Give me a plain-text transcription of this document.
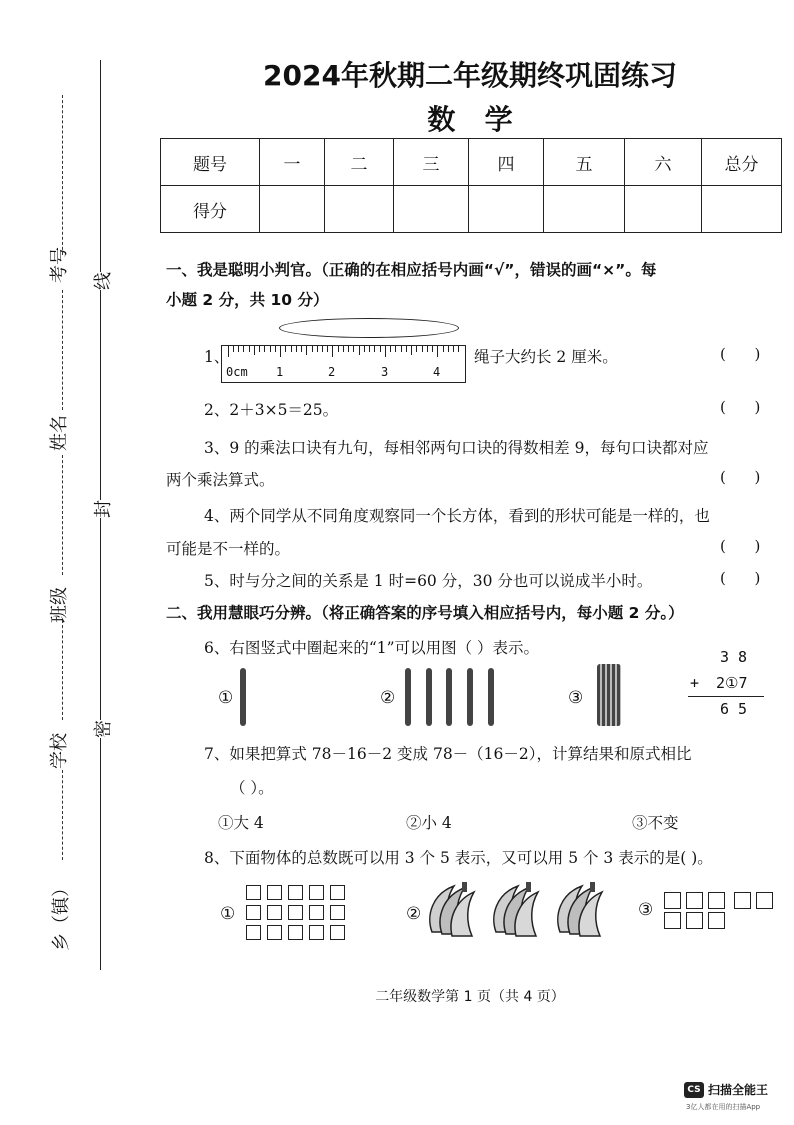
考号
姓名
班级
学校
乡（镇）
线
封
密
2024年秋期二年级期终巩固练习
数   学
题号	一	二	三	四	五	六	总分
得分							
一、我是聪明小判官。（正确的在相应括号内画“√”，错误的画“×”。每
小题 2 分，共 10 分）
1、
0cm 1	2	3	4
绳子大约长 2 厘米。	(      )
2、2＋3×5＝25。	(      )
3、9 的乘法口诀有九句，每相邻两句口诀的得数相差 9，每句口诀都对应
两个乘法算式。	(      )
4、两个同学从不同角度观察同一个长方体，看到的形状可能是一样的，也
可能是不一样的。	(      )
5、时与分之间的关系是 1 时=60 分，30 分也可以说成半小时。	(      )
二、我用慧眼巧分辨。（将正确答案的序号填入相应括号内，每小题 2 分。）
6、右图竖式中圈起来的“1”可以用图（ ）表示。	3 8
+ 2①7
6 5
①	②	③
7、如果把算式 78－16－2 变成 78－（16－2），计算结果和原式相比
（ ）。
①大 4	②小 4	③不变
8、下面物体的总数既可以用 3 个 5 表示，又可以用 5 个 3 表示的是( )。
①	②	③
二年级数学第 1 页（共 4 页）
CS 扫描全能王
3亿人都在用的扫描App
